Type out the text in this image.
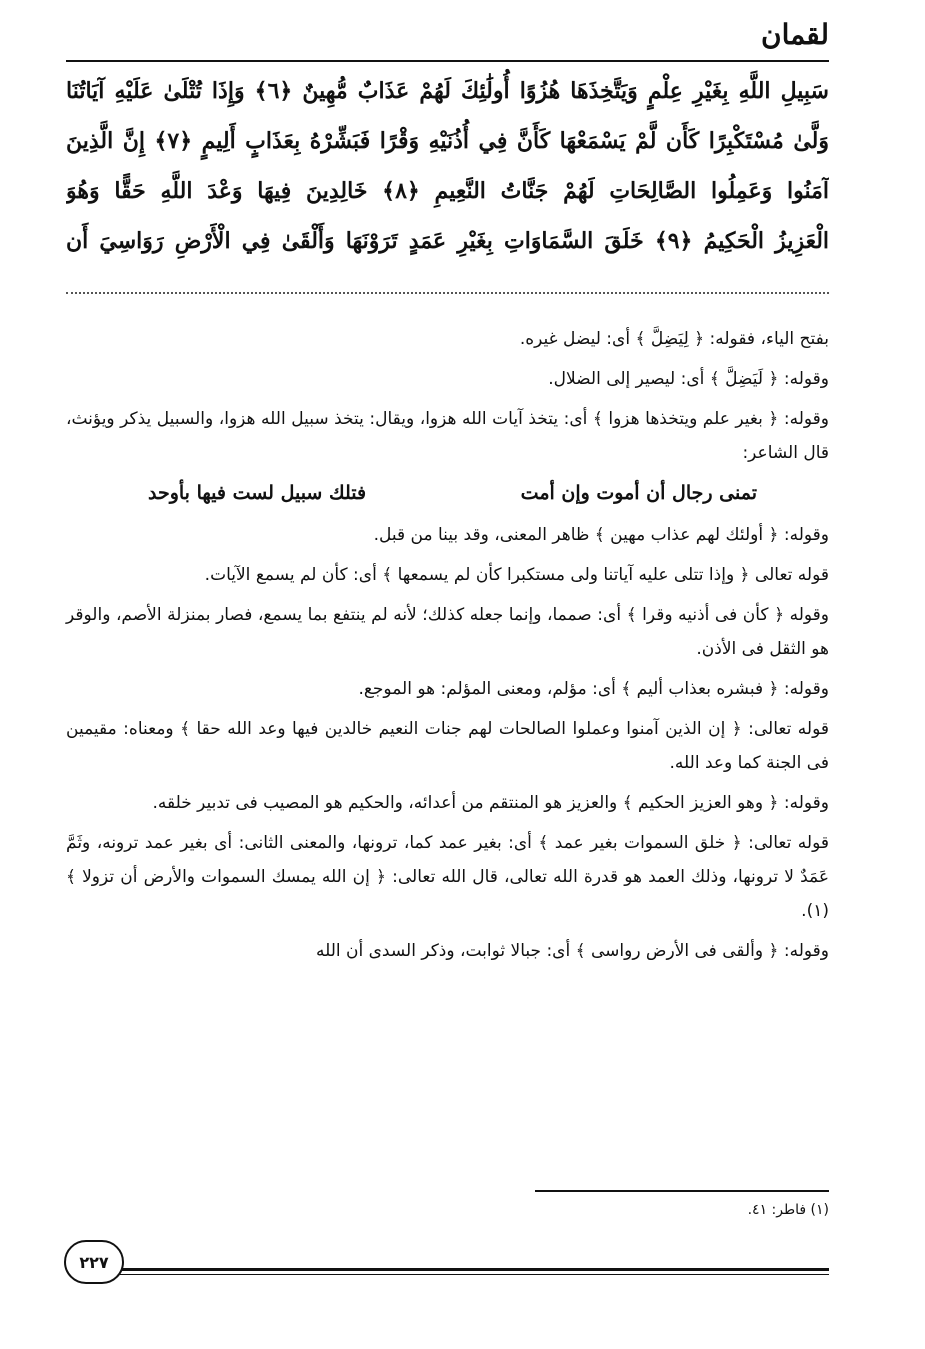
لقمان
سَبِيلِ اللَّهِ بِغَيْرِ عِلْمٍ وَيَتَّخِذَهَا هُزُوًا أُولَٰئِكَ لَهُمْ عَذَابٌ مُّهِينٌ ﴿٦﴾ وَإِذَا تُتْلَىٰ عَلَيْهِ آيَاتُنَا
وَلَّىٰ مُسْتَكْبِرًا كَأَن لَّمْ يَسْمَعْهَا كَأَنَّ فِي أُذُنَيْهِ وَقْرًا فَبَشِّرْهُ بِعَذَابٍ أَلِيمٍ ﴿٧﴾ إِنَّ الَّذِينَ
آمَنُوا وَعَمِلُوا الصَّالِحَاتِ لَهُمْ جَنَّاتُ النَّعِيمِ ﴿٨﴾ خَالِدِينَ فِيهَا وَعْدَ اللَّهِ حَقًّا وَهُوَ
الْعَزِيزُ الْحَكِيمُ ﴿٩﴾ خَلَقَ السَّمَاوَاتِ بِغَيْرِ عَمَدٍ تَرَوْنَهَا وَأَلْقَىٰ فِي الْأَرْضِ رَوَاسِيَ أَن

بفتح الياء، فقوله: ﴿ لِيَضِلَّ ﴾ أى: ليضل غيره.

وقوله: ﴿ لَيَضِلَّ ﴾ أى: ليصير إلى الضلال.

وقوله: ﴿ بغير علم ويتخذها هزوا ﴾ أى: يتخذ آيات الله هزوا، ويقال: يتخذ سبيل الله هزوا، والسبيل يذكر ويؤنث، قال الشاعر:

تمنى رجال أن أموت وإن أمت
فتلك سبيل لست فيها بأوحد

وقوله: ﴿ أولئك لهم عذاب مهين ﴾ ظاهر المعنى، وقد بينا من قبل.

قوله تعالى ﴿ وإذا تتلى عليه آياتنا ولى مستكبرا كأن لم يسمعها ﴾ أى: كأن لم يسمع الآيات.

وقوله ﴿ كأن فى أذنيه وقرا ﴾ أى: صمما، وإنما جعله كذلك؛ لأنه لم ينتفع بما يسمع، فصار بمنزلة الأصم، والوقر هو الثقل فى الأذن.

وقوله: ﴿ فبشره بعذاب أليم ﴾ أى: مؤلم، ومعنى المؤلم: هو الموجع.

قوله تعالى: ﴿ إن الذين آمنوا وعملوا الصالحات لهم جنات النعيم خالدين فيها وعد الله حقا ﴾ ومعناه: مقيمين فى الجنة كما وعد الله.

وقوله: ﴿ وهو العزيز الحكيم ﴾ والعزيز هو المنتقم من أعدائه، والحكيم هو المصيب فى تدبير خلقه.

قوله تعالى: ﴿ خلق السموات بغير عمد ﴾ أى: بغير عمد كما، ترونها، والمعنى الثانى: أى بغير عمد ترونه، وثَمَّ عَمَدٌ لا ترونها، وذلك العمد هو قدرة الله تعالى، قال الله تعالى: ﴿ إن الله يمسك السموات والأرض أن تزولا ﴾(١).

وقوله: ﴿ وألقى فى الأرض رواسى ﴾ أى: جبالا ثوابت، وذكر السدى أن الله

(١) فاطر: ٤١.
٢٢٧
